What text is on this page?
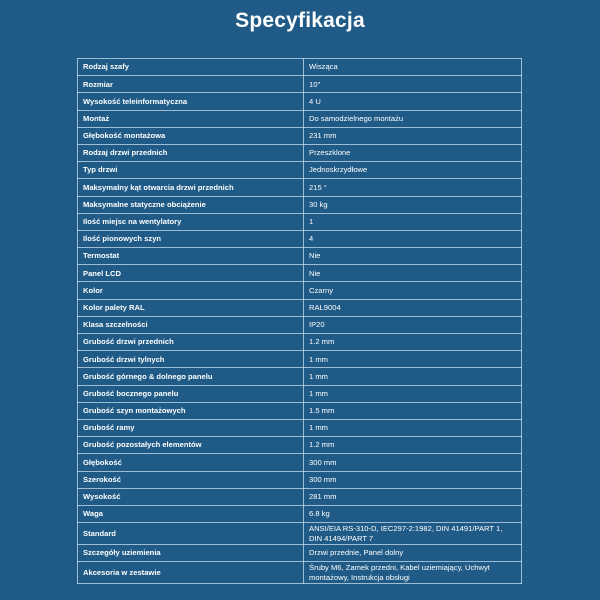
Specyfikacja
Rodzaj szafy	Wisząca
Rozmiar	10"
Wysokość teleinformatyczna	4 U
Montaż	Do samodzielnego montażu
Głębokość montażowa	231 mm
Rodzaj drzwi przednich	Przeszklone
Typ drzwi	Jednoskrzydłowe
Maksymalny kąt otwarcia drzwi przednich	215 °
Maksymalne statyczne obciążenie	30 kg
Ilość miejsc na wentylatory	1
Ilość pionowych szyn	4
Termostat	Nie
Panel LCD	Nie
Kolor	Czarny
Kolor palety RAL	RAL9004
Klasa szczelności	IP20
Grubość drzwi przednich	1.2 mm
Grubość drzwi tylnych	1 mm
Grubość górnego & dolnego panelu	1 mm
Grubość bocznego panelu	1 mm
Grubość szyn montażowych	1.5 mm
Grubość ramy	1 mm
Grubość pozostałych elementów	1.2 mm
Głębokość	300 mm
Szerokość	300 mm
Wysokość	281 mm
Waga	6.8 kg
Standard	ANSI/EIA RS-310-D, IEC297-2:1982, DIN 41491/PART 1, DIN 41494/PART 7
Szczegóły uziemienia	Drzwi przednie, Panel dolny
Akcesoria w zestawie	Śruby M6, Zamek przedni, Kabel uziemiający, Uchwyt montażowy, Instrukcja obsługi
